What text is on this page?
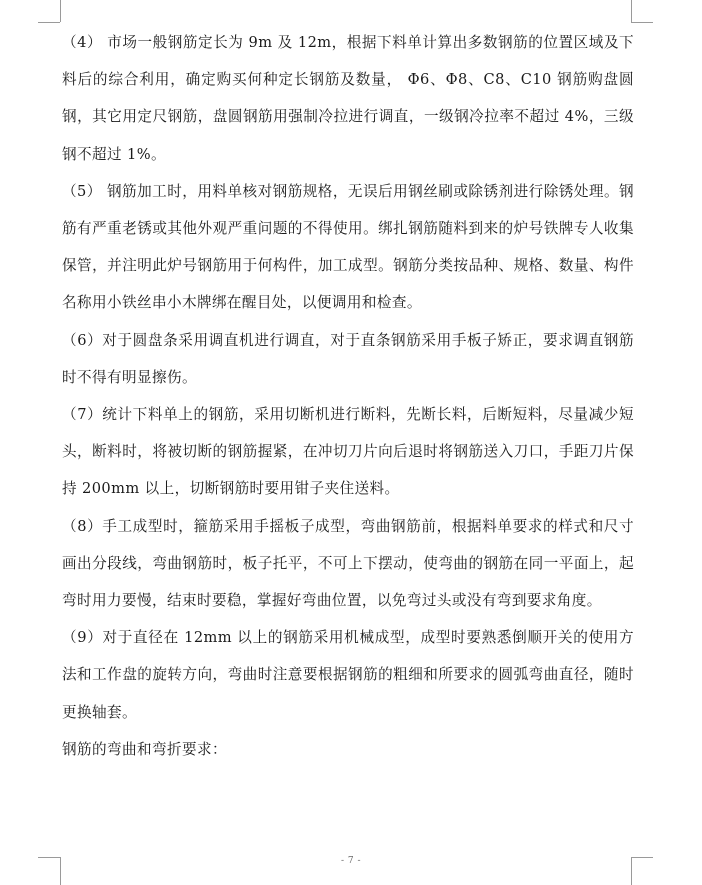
（4） 市场一般钢筋定长为 9m 及 12m，根据下料单计算出多数钢筋的位置区域及下料后的综合利用，确定购买何种定长钢筋及数量， Φ6、Φ8、C8、C10 钢筋购盘圆钢，其它用定尺钢筋，盘圆钢筋用强制冷拉进行调直，一级钢冷拉率不超过 4%，三级钢不超过 1%。

（5） 钢筋加工时，用料单核对钢筋规格，无误后用钢丝刷或除锈剂进行除锈处理。钢筋有严重老锈或其他外观严重问题的不得使用。绑扎钢筋随料到来的炉号铁牌专人收集保管，并注明此炉号钢筋用于何构件，加工成型。钢筋分类按品种、规格、数量、构件名称用小铁丝串小木牌绑在醒目处，以便调用和检查。

（6）对于圆盘条采用调直机进行调直，对于直条钢筋采用手板子矫正，要求调直钢筋时不得有明显擦伤。

（7）统计下料单上的钢筋，采用切断机进行断料，先断长料，后断短料，尽量减少短头，断料时，将被切断的钢筋握紧，在冲切刀片向后退时将钢筋送入刀口，手距刀片保持 200mm 以上，切断钢筋时要用钳子夹住送料。

（8）手工成型时，箍筋采用手摇板子成型，弯曲钢筋前，根据料单要求的样式和尺寸画出分段线，弯曲钢筋时，板子托平，不可上下摆动，使弯曲的钢筋在同一平面上，起弯时用力要慢，结束时要稳，掌握好弯曲位置，以免弯过头或没有弯到要求角度。

（9）对于直径在 12mm 以上的钢筋采用机械成型，成型时要熟悉倒顺开关的使用方法和工作盘的旋转方向，弯曲时注意要根据钢筋的粗细和所要求的圆弧弯曲直径，随时更换轴套。

钢筋的弯曲和弯折要求：

- 7 -
